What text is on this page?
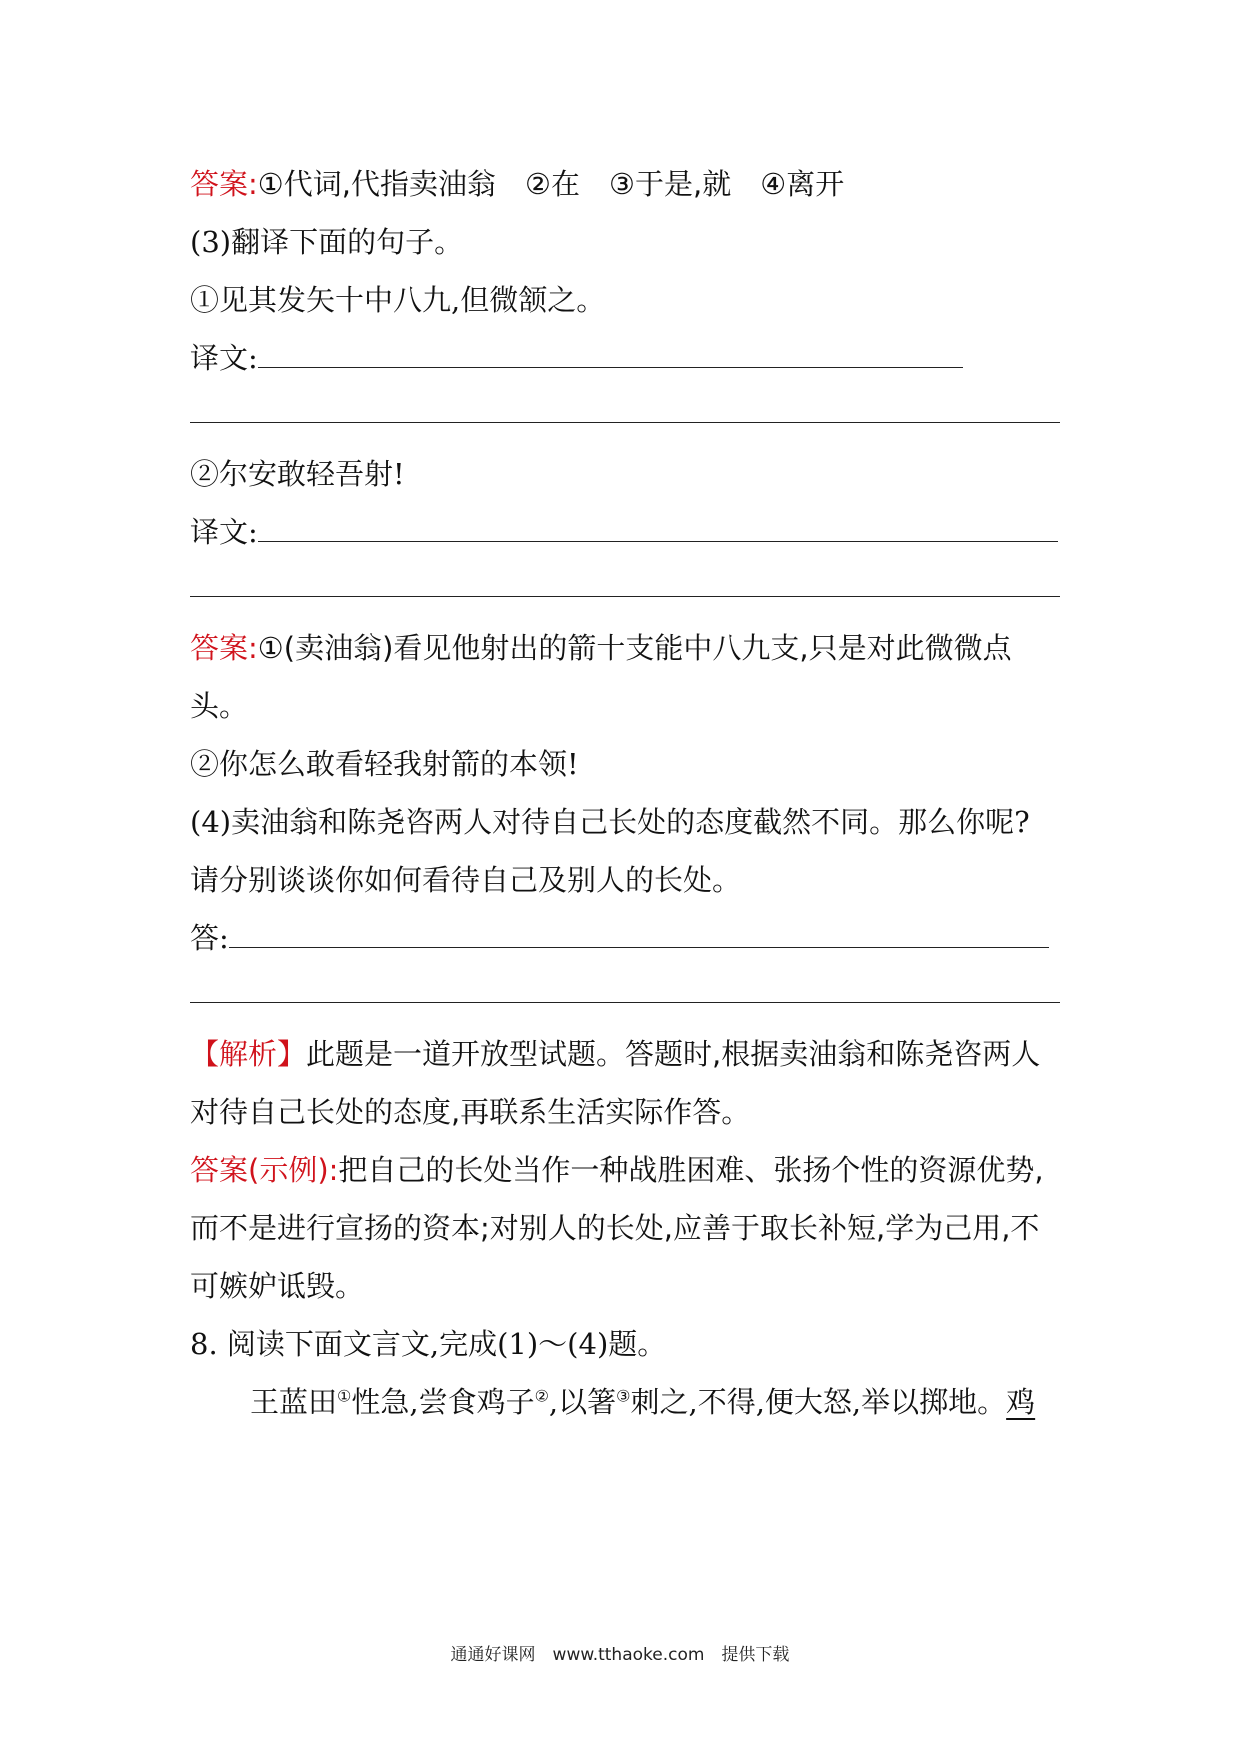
答案:①代词,代指卖油翁　②在　③于是,就　④离开
(3)翻译下面的句子。
①见其发矢十中八九,但微颔之。
译文:
②尔安敢轻吾射!
译文:
答案:①(卖油翁)看见他射出的箭十支能中八九支,只是对此微微点
头。
②你怎么敢看轻我射箭的本领!
(4)卖油翁和陈尧咨两人对待自己长处的态度截然不同。那么你呢?
请分别谈谈你如何看待自己及别人的长处。
答:
【解析】此题是一道开放型试题。答题时,根据卖油翁和陈尧咨两人
对待自己长处的态度,再联系生活实际作答。
答案(示例):把自己的长处当作一种战胜困难、张扬个性的资源优势,
而不是进行宣扬的资本;对别人的长处,应善于取长补短,学为己用,不
可嫉妒诋毁。
8. 阅读下面文言文,完成(1)～(4)题。
王蓝田①性急,尝食鸡子②,以箸③刺之,不得,便大怒,举以掷地。鸡
通通好课网　www.tthaoke.com　提供下载
